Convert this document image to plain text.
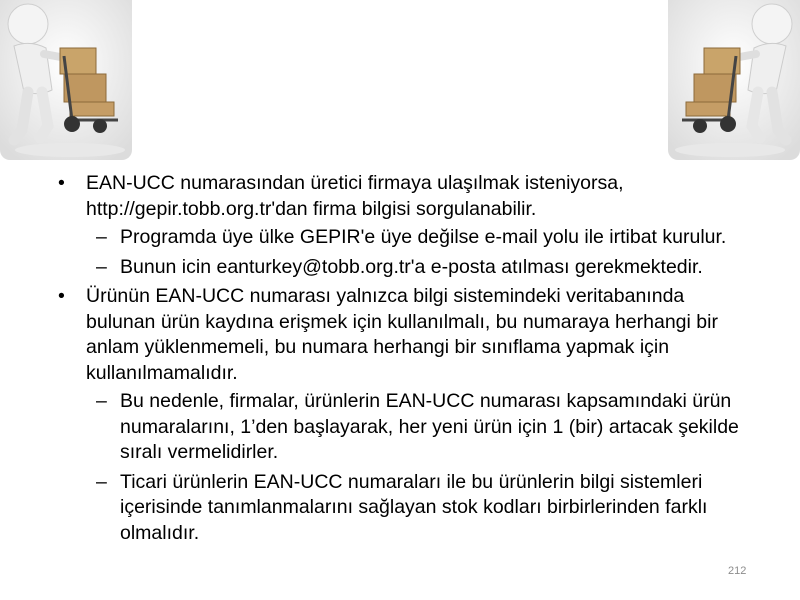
• EAN-UCC numarasından üretici firmaya ulaşılmak isteniyorsa, http://gepir.tobb.org.tr'dan firma bilgisi sorgulanabilir.
– Programda üye ülke GEPIR'e üye değilse e-mail yolu ile irtibat kurulur.
– Bunun icin eanturkey@tobb.org.tr'a e-posta atılması gerekmektedir.
• Ürünün EAN-UCC numarası yalnızca bilgi sistemindeki veritabanında bulunan ürün kaydına erişmek için kullanılmalı, bu numaraya herhangi bir anlam yüklenmemeli, bu numara herhangi bir sınıflama yapmak için kullanılmamalıdır.
– Bu nedenle, firmalar, ürünlerin EAN-UCC numarası kapsamındaki ürün numaralarını, 1’den başlayarak, her yeni ürün için 1 (bir) artacak şekilde sıralı vermelidirler.
– Ticari ürünlerin EAN-UCC numaraları ile bu ürünlerin bilgi sistemleri içerisinde tanımlanmalarını sağlayan stok kodları birbirlerinden farklı olmalıdır.
212
